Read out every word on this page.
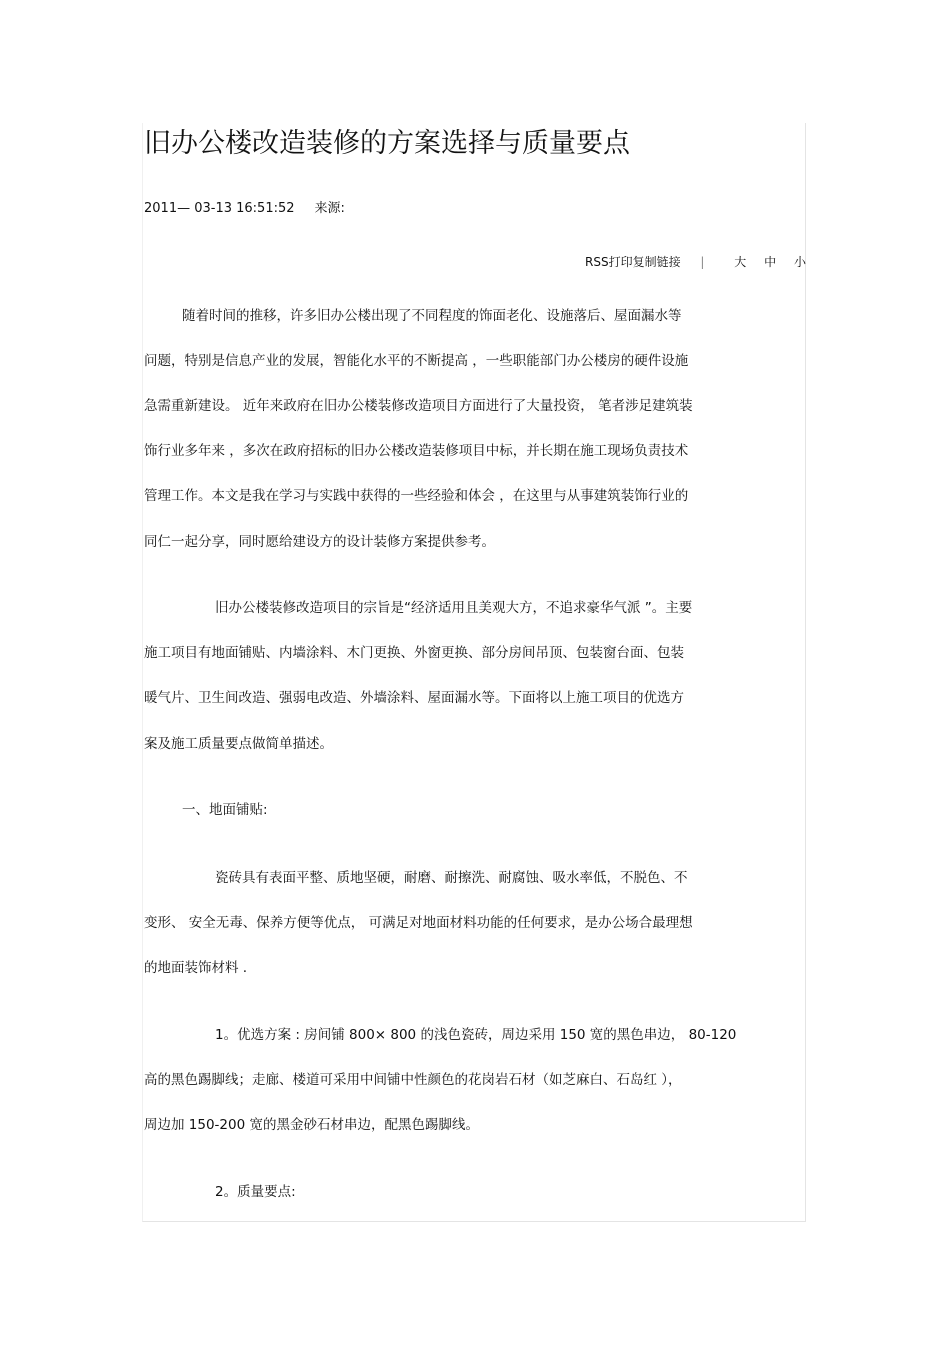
旧办公楼改造装修的方案选择与质量要点
2011— 03-13 16:51:52 来源:
RSS打印复制链接 | 大 中 小
随着时间的推移，许多旧办公楼出现了不同程度的饰面老化、设施落后、屋面漏水等
问题，特别是信息产业的发展，智能化水平的不断提高 ，一些职能部门办公楼房的硬件设施
急需重新建设。 近年来政府在旧办公楼装修改造项目方面进行了大量投资， 笔者涉足建筑装
饰行业多年来 ，多次在政府招标的旧办公楼改造装修项目中标，并长期在施工现场负责技术
管理工作。本文是我在学习与实践中获得的一些经验和体会 ，在这里与从事建筑装饰行业的
同仁一起分享，同时愿给建设方的设计装修方案提供参考。
旧办公楼装修改造项目的宗旨是“经济适用且美观大方，不追求豪华气派 ”。主要
施工项目有地面铺贴、内墙涂料、木门更换、外窗更换、部分房间吊顶、包装窗台面、包装
暖气片、卫生间改造、强弱电改造、外墙涂料、屋面漏水等。下面将以上施工项目的优选方
案及施工质量要点做简单描述。
一、地面铺贴:
瓷砖具有表面平整、质地坚硬，耐磨、耐擦洗、耐腐蚀、吸水率低，不脱色、不
变形、 安全无毒、保养方便等优点， 可满足对地面材料功能的任何要求，是办公场合最理想
的地面装饰材料 .
1。优选方案 : 房间铺 800× 800 的浅色瓷砖，周边采用 150 宽的黑色串边， 80-120
高的黑色踢脚线；走廊、楼道可采用中间铺中性颜色的花岗岩石材（如芝麻白、石岛红 ），
周边加 150-200 宽的黑金砂石材串边，配黑色踢脚线。
2。质量要点:
